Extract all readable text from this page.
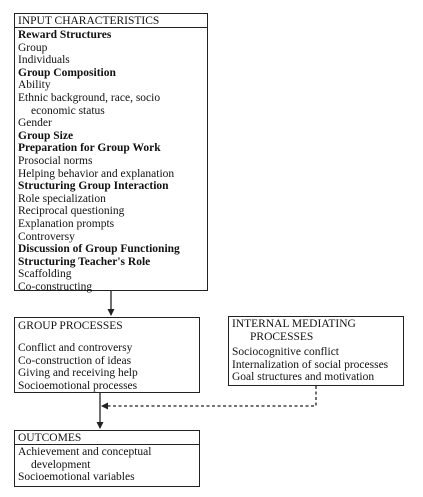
INPUT CHARACTERISTICS
Reward Structures
Group
Individuals
Group Composition
Ability
Ethnic background, race, socio
economic status
Gender
Group Size
Preparation for Group Work
Prosocial norms
Helping behavior and explanation
Structuring Group Interaction
Role specialization
Reciprocal questioning
Explanation prompts
Controversy
Discussion of Group Functioning
Structuring Teacher's Role
Scaffolding
Co-constructing
GROUP PROCESSES
Conflict and controversy
Co-construction of ideas
Giving and receiving help
Socioemotional processes
INTERNAL MEDIATING
PROCESSES
Sociocognitive conflict
Internalization of social processes
Goal structures and motivation
OUTCOMES
Achievement and conceptual
development
Socioemotional variables
